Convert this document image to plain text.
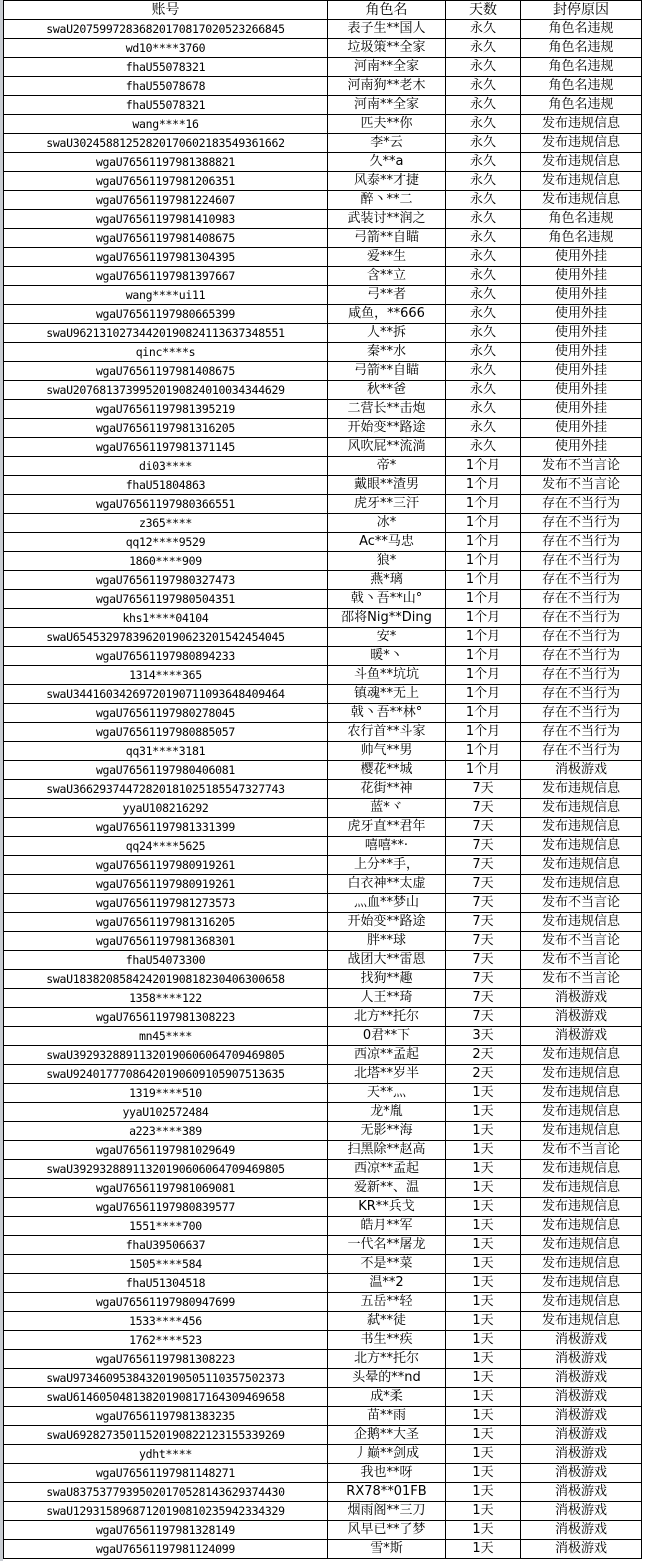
账号	角色名	天数	封停原因
swaU20759972836820170817020523266845	表子生**国人	永久	角色名违规
wd10****3760	垃圾策**全家	永久	角色名违规
fhaU55078321	河南**全家	永久	角色名违规
fhaU55078678	河南狗**老木	永久	角色名违规
fhaU55078321	河南**全家	永久	角色名违规
wang****16	匹夫**你	永久	发布违规信息
swaU30245881252820170602183549361662	李*云	永久	发布违规信息
wgaU76561197981388821	久**a	永久	发布违规信息
wgaU76561197981206351	风泰**才捷	永久	发布违规信息
wgaU76561197981224607	醉丶**二	永久	发布违规信息
wgaU76561197981410983	武装讨**润之	永久	角色名违规
wgaU76561197981408675	弓箭**自瞄	永久	角色名违规
wgaU76561197981304395	爱**生	永久	使用外挂
wgaU76561197981397667	含**立	永久	使用外挂
wang****ui11	弓**者	永久	使用外挂
wgaU76561197980665399	咸鱼，**666	永久	使用外挂
swaU96213102734420190824113637348551	人**拆	永久	使用外挂
qinc****s	秦**水	永久	使用外挂
wgaU76561197981408675	弓箭**自瞄	永久	使用外挂
swaU20768137399520190824010034344629	秋**爸	永久	使用外挂
wgaU76561197981395219	二营长**击炮	永久	使用外挂
wgaU76561197981316205	开始变**路途	永久	使用外挂
wgaU76561197981371145	风吹屁**流淌	永久	使用外挂
di03****	帝*	1个月	发布不当言论
fhaU51804863	戴眼**渣男	1个月	发布不当言论
wgaU76561197980366551	虎牙**三汗	1个月	存在不当行为
z365****	冰*	1个月	存在不当行为
qq12****9529	Ac**马忠	1个月	存在不当行为
1860****909	狼*	1个月	存在不当行为
wgaU76561197980327473	燕*璃	1个月	存在不当行为
wgaU76561197980504351	戟丶吾**山°	1个月	存在不当行为
khs1****04104	邵将Nig**Ding	1个月	存在不当行为
swaU65453297839620190623201542454045	安*	1个月	存在不当行为
wgaU76561197980894233	暖*丶	1个月	存在不当行为
1314****365	斗鱼**坑坑	1个月	存在不当行为
swaU34416034269720190711093648409464	镇魂**无上	1个月	存在不当行为
wgaU76561197980278045	戟丶吾**林°	1个月	存在不当行为
wgaU76561197980885057	农行首**斗家	1个月	存在不当行为
qq31****3181	帅气**男	1个月	存在不当行为
wgaU76561197980406081	樱花**城	1个月	消极游戏
swaU36629374472820181025185547327743	花街**神	7天	发布违规信息
yyaU108216292	蓝*ヾ	7天	发布违规信息
wgaU76561197981331399	虎牙直**君年	7天	发布违规信息
qq24****5625	嘻嘻**·	7天	发布违规信息
wgaU76561197980919261	上分**手，	7天	发布违规信息
wgaU76561197980919261	白衣神**太虚	7天	发布违规信息
wgaU76561197981273573	灬血**梦山	7天	发布不当言论
wgaU76561197981316205	开始变**路途	7天	发布违规信息
wgaU76561197981368301	胖**球	7天	发布不当言论
fhaU54073300	战团大**雷恩	7天	发布不当言论
swaU18382085842420190818230406300658	找狗**趣	7天	发布不当言论
1358****122	人王**琦	7天	消极游戏
wgaU76561197981308223	北方**托尔	7天	消极游戏
mn45****	0君**下	3天	消极游戏
swaU39293288911320190606064709469805	西凉**孟起	2天	发布违规信息
swaU92401777086420190609105907513635	北塔**岁半	2天	发布违规信息
1319****510	天**灬	1天	发布违规信息
yyaU102572484	龙*胤	1天	发布违规信息
a223****389	无影**海	1天	发布违规信息
wgaU76561197981029649	扫黑除**赵高	1天	发布不当言论
swaU39293288911320190606064709469805	西凉**孟起	1天	发布违规信息
wgaU76561197981069081	爱新**、温	1天	发布违规信息
wgaU76561197980839577	KR**兵戈	1天	发布违规信息
1551****700	皓月**军	1天	发布违规信息
fhaU39506637	一代名**屠龙	1天	发布违规信息
1505****584	不是**菜	1天	发布违规信息
fhaU51304518	温**2	1天	发布违规信息
wgaU76561197980947699	五岳**轻	1天	发布违规信息
1533****456	弑**徒	1天	发布违规信息
1762****523	书生**疾	1天	消极游戏
wgaU76561197981308223	北方**托尔	1天	消极游戏
swaU97346095384320190505110357502373	头晕的**nd	1天	消极游戏
swaU61460504813820190817164309469658	成*柔	1天	消极游戏
wgaU76561197981383235	苗**雨	1天	消极游戏
swaU69282735011520190822123155339269	企鹅**大圣	1天	消极游戏
ydht****	丿巅**剑成	1天	消极游戏
wgaU76561197981148271	我也**呀	1天	消极游戏
swaU83753779395020170528143629374430	RX78**01FB	1天	消极游戏
swaU12931589687120190810235942334329	烟雨阁**三刀	1天	消极游戏
wgaU76561197981328149	风早已**了梦	1天	消极游戏
wgaU76561197981124099	雪*斯	1天	消极游戏
